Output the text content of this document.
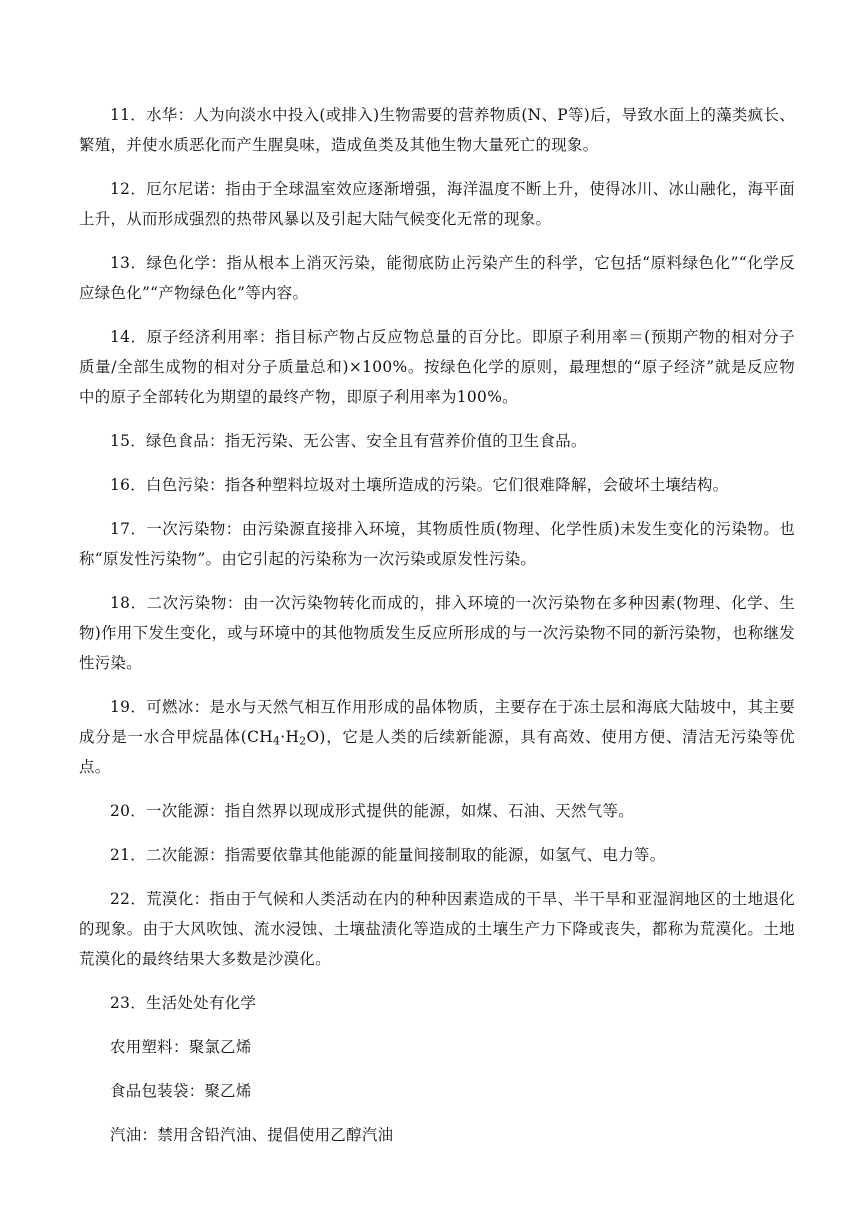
11．水华：人为向淡水中投入(或排入)生物需要的营养物质(N、P等)后，导致水面上的藻类疯长、繁殖，并使水质恶化而产生腥臭味，造成鱼类及其他生物大量死亡的现象。

12．厄尔尼诺：指由于全球温室效应逐渐增强，海洋温度不断上升，使得冰川、冰山融化，海平面上升，从而形成强烈的热带风暴以及引起大陆气候变化无常的现象。

13．绿色化学：指从根本上消灭污染，能彻底防止污染产生的科学，它包括“原料绿色化”“化学反应绿色化”“产物绿色化”等内容。

14．原子经济利用率：指目标产物占反应物总量的百分比。即原子利用率＝(预期产物的相对分子质量/全部生成物的相对分子质量总和)×100%。按绿色化学的原则，最理想的“原子经济”就是反应物中的原子全部转化为期望的最终产物，即原子利用率为100%。

15．绿色食品：指无污染、无公害、安全且有营养价值的卫生食品。

16．白色污染：指各种塑料垃圾对土壤所造成的污染。它们很难降解，会破坏土壤结构。

17．一次污染物：由污染源直接排入环境，其物质性质(物理、化学性质)未发生变化的污染物。也称“原发性污染物”。由它引起的污染称为一次污染或原发性污染。

18．二次污染物：由一次污染物转化而成的，排入环境的一次污染物在多种因素(物理、化学、生物)作用下发生变化，或与环境中的其他物质发生反应所形成的与一次污染物不同的新污染物，也称继发性污染。

19．可燃冰：是水与天然气相互作用形成的晶体物质，主要存在于冻土层和海底大陆坡中，其主要成分是一水合甲烷晶体$(CH_4\cdot H_2O)$，它是人类的后续新能源，具有高效、使用方便、清洁无污染等优点。

20．一次能源：指自然界以现成形式提供的能源，如煤、石油、天然气等。

21．二次能源：指需要依靠其他能源的能量间接制取的能源，如氢气、电力等。

22．荒漠化：指由于气候和人类活动在内的种种因素造成的干旱、半干旱和亚湿润地区的土地退化的现象。由于大风吹蚀、流水浸蚀、土壤盐渍化等造成的土壤生产力下降或丧失，都称为荒漠化。土地荒漠化的最终结果大多数是沙漠化。

23．生活处处有化学

农用塑料：聚氯乙烯

食品包装袋：聚乙烯

汽油：禁用含铅汽油、提倡使用乙醇汽油
